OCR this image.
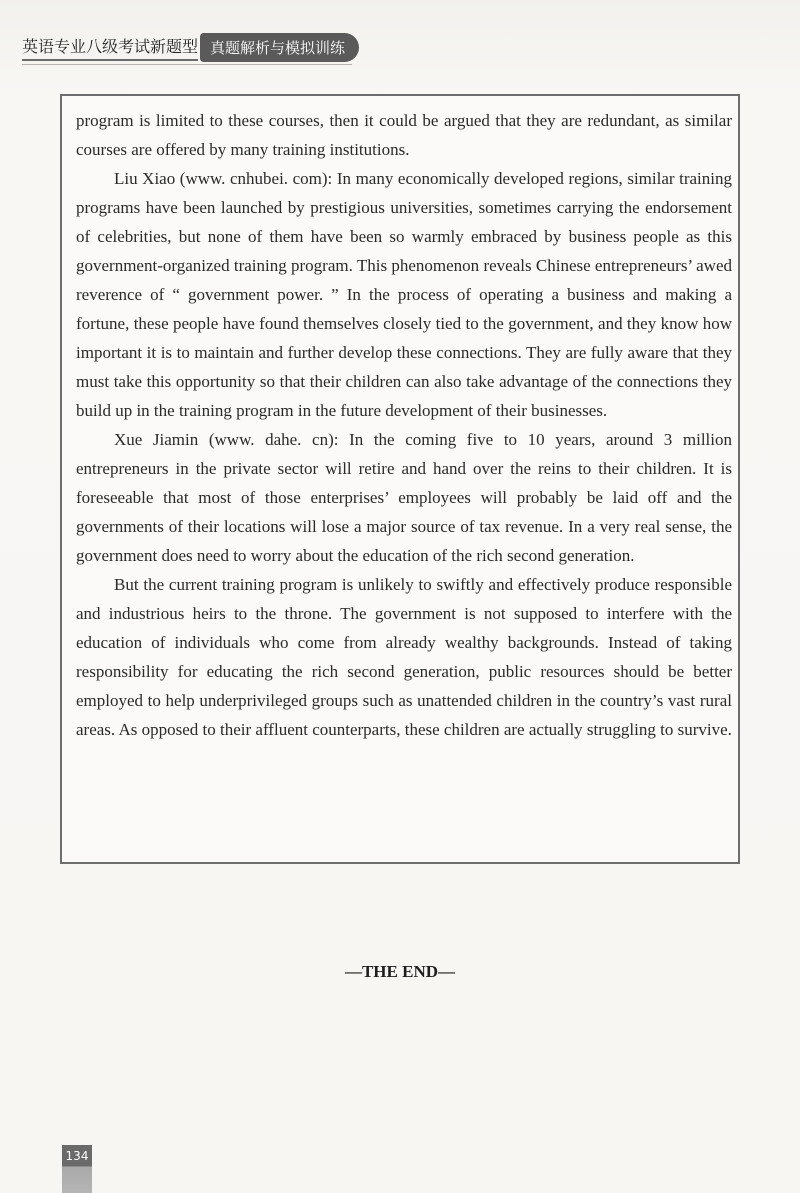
英语专业八级考试新题型 真题解析与模拟训练

program is limited to these courses, then it could be argued that they are redundant, as similar courses are offered by many training institutions.

Liu Xiao (www. cnhubei. com): In many economically developed regions, similar training programs have been launched by prestigious universities, sometimes carrying the endorsement of celebrities, but none of them have been so warmly embraced by business people as this government-organized training program. This phenomenon reveals Chinese entrepreneurs’ awed reverence of “ government power. ” In the process of operating a business and making a fortune, these people have found themselves closely tied to the government, and they know how important it is to maintain and further develop these connections. They are fully aware that they must take this opportunity so that their children can also take advantage of the connections they build up in the training program in the future development of their businesses.

Xue Jiamin (www. dahe. cn): In the coming five to 10 years, around 3 million entrepreneurs in the private sector will retire and hand over the reins to their children. It is foreseeable that most of those enterprises’ employees will probably be laid off and the governments of their locations will lose a major source of tax revenue. In a very real sense, the government does need to worry about the education of the rich second generation.

But the current training program is unlikely to swiftly and effectively produce responsible and industrious heirs to the throne. The government is not supposed to interfere with the education of individuals who come from already wealthy backgrounds. Instead of taking responsibility for educating the rich second generation, public resources should be better employed to help underprivileged groups such as unattended children in the country’s vast rural areas. As opposed to their affluent counterparts, these children are actually struggling to survive.

—THE END—
134
